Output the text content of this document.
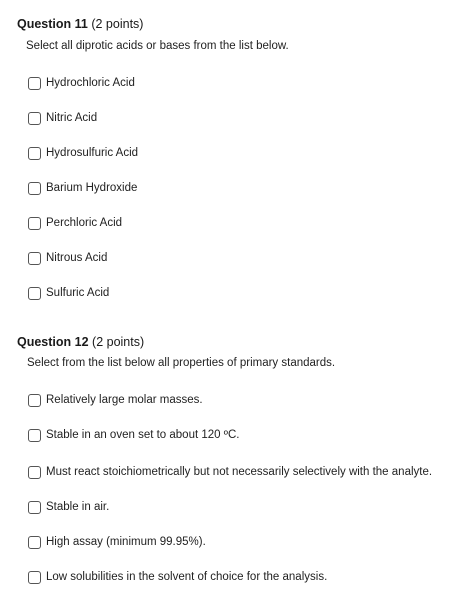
Question 11 (2 points)
Select all diprotic acids or bases from the list below.
Hydrochloric Acid
Nitric Acid
Hydrosulfuric Acid
Barium Hydroxide
Perchloric Acid
Nitrous Acid
Sulfuric Acid
Question 12 (2 points)
Select from the list below all properties of primary standards.
Relatively large molar masses.
Stable in an oven set to about 120 ºC.
Must react stoichiometrically but not necessarily selectively with the analyte.
Stable in air.
High assay (minimum 99.95%).
Low solubilities in the solvent of choice for the analysis.
